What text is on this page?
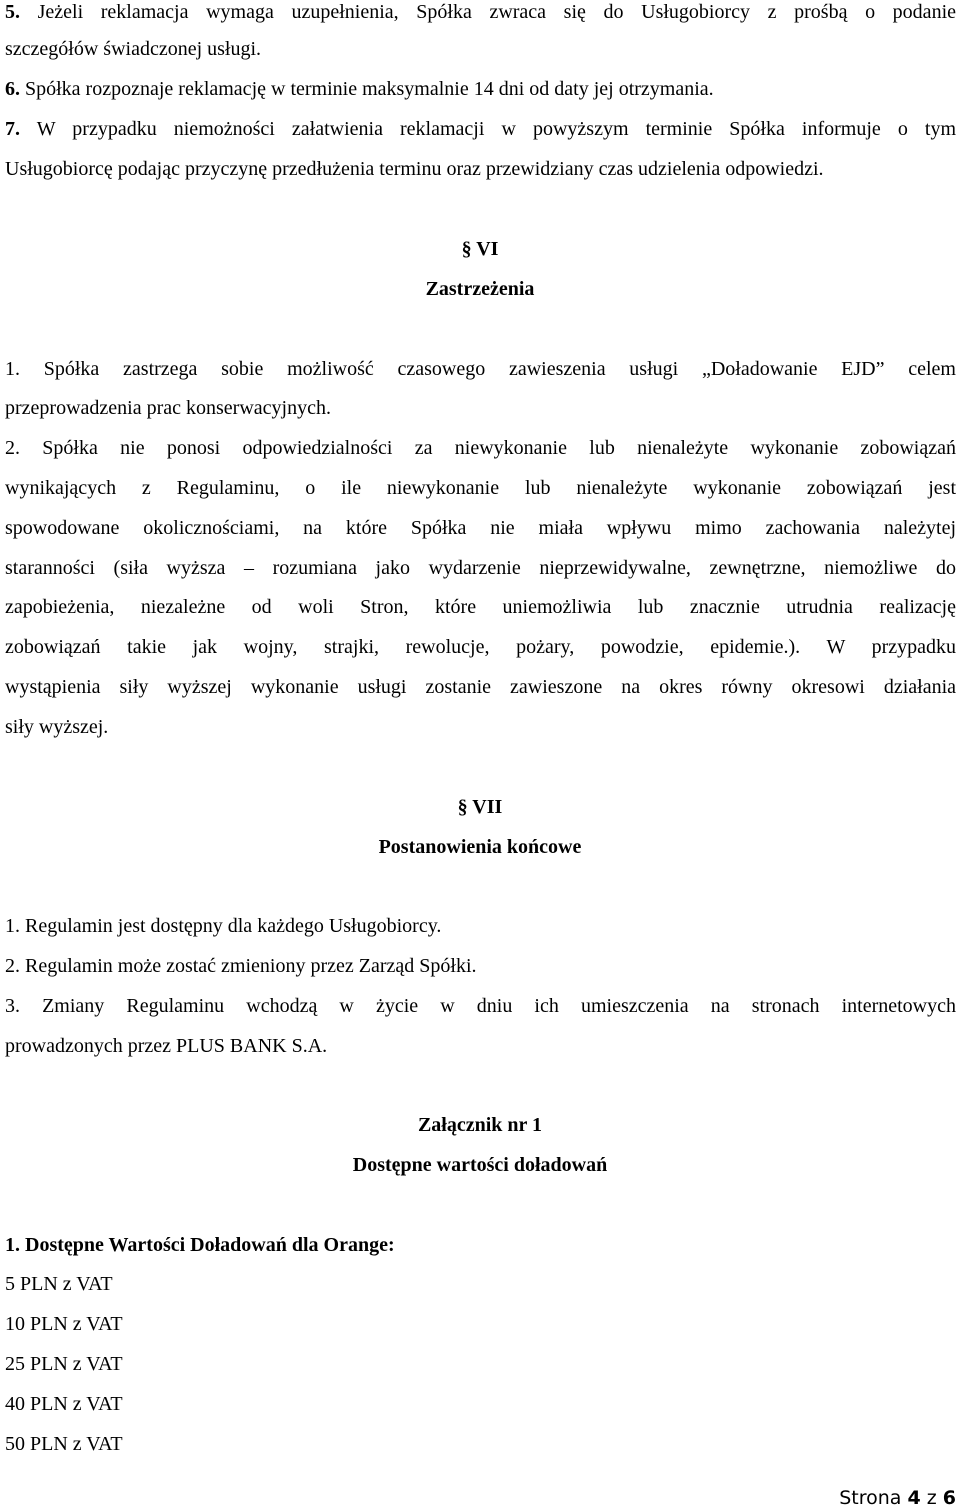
5. Jeżeli reklamacja wymaga uzupełnienia, Spółka zwraca się do Usługobiorcy z prośbą o podanie
szczegółów świadczonej usługi.
6. Spółka rozpoznaje reklamację w terminie maksymalnie 14 dni od daty jej otrzymania.
7. W przypadku niemożności załatwienia reklamacji w powyższym terminie Spółka informuje o tym
Usługobiorcę podając przyczynę przedłużenia terminu oraz przewidziany czas udzielenia odpowiedzi.
§ VI
Zastrzeżenia
1. Spółka zastrzega sobie możliwość czasowego zawieszenia usługi „Doładowanie EJD” celem
przeprowadzenia prac konserwacyjnych.
2. Spółka nie ponosi odpowiedzialności za niewykonanie lub nienależyte wykonanie zobowiązań
wynikających z Regulaminu, o ile niewykonanie lub nienależyte wykonanie zobowiązań jest
spowodowane okolicznościami, na które Spółka nie miała wpływu mimo zachowania należytej
staranności (siła wyższa – rozumiana jako wydarzenie nieprzewidywalne, zewnętrzne, niemożliwe do
zapobieżenia, niezależne od woli Stron, które uniemożliwia lub znacznie utrudnia realizację
zobowiązań takie jak wojny, strajki, rewolucje, pożary, powodzie, epidemie.). W przypadku
wystąpienia siły wyższej wykonanie usługi zostanie zawieszone na okres równy okresowi działania
siły wyższej.
§ VII
Postanowienia końcowe
1. Regulamin jest dostępny dla każdego Usługobiorcy.
2. Regulamin może zostać zmieniony przez Zarząd Spółki.
3. Zmiany Regulaminu wchodzą w życie w dniu ich umieszczenia na stronach internetowych
prowadzonych przez PLUS BANK S.A.
Załącznik nr 1
Dostępne wartości doładowań
1. Dostępne Wartości Doładowań dla Orange:
5 PLN z VAT
10 PLN z VAT
25 PLN z VAT
40 PLN z VAT
50 PLN z VAT
Strona 4 z 6
